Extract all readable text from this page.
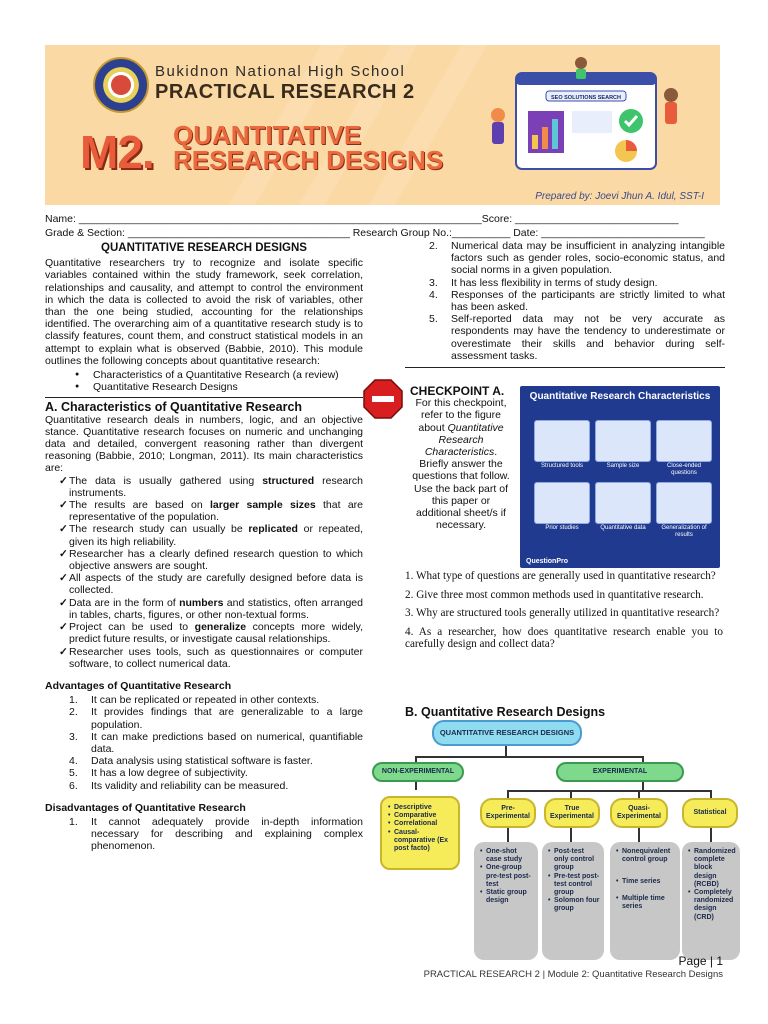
Bukidnon National High School
PRACTICAL RESEARCH 2
M2. QUANTITATIVE
RESEARCH DESIGNS
SEO SOLUTIONS SEARCH
Prepared by: Joevi Jhun A. Idul, SST-I
Name: _____________________________________________________________________Score: ____________________________
Grade & Section: ______________________________________ Research Group No.:__________ Date: ____________________________
QUANTITATIVE RESEARCH DESIGNS

Quantitative researchers try to recognize and isolate specific variables contained within the study framework, seek correlation, relationships and causality, and attempt to control the environment in which the data is collected to avoid the risk of variables, other than the one being studied, accounting for the relationships identified. The overarching aim of a quantitative research study is to classify features, count them, and construct statistical models in an attempt to explain what is observed (Babbie, 2010). This module outlines the following concepts about quantitative research:

● Characteristics of a Quantitative Research (a review)
● Quantitative Research Designs
A. Characteristics of Quantitative Research

Quantitative research deals in numbers, logic, and an objective stance. Quantitative research focuses on numeric and unchanging data and detailed, convergent reasoning rather than divergent reasoning (Babbie, 2010; Longman, 2011). Its main characteristics are:

✓ The data is usually gathered using structured research instruments.
✓ The results are based on larger sample sizes that are representative of the population.
✓ The research study can usually be replicated or repeated, given its high reliability.
✓ Researcher has a clearly defined research question to which objective answers are sought.
✓ All aspects of the study are carefully designed before data is collected.
✓ Data are in the form of numbers and statistics, often arranged in tables, charts, figures, or other non-textual forms.
✓ Project can be used to generalize concepts more widely, predict future results, or investigate causal relationships.
✓ Researcher uses tools, such as questionnaires or computer software, to collect numerical data.
Advantages of Quantitative Research
1. It can be replicated or repeated in other contexts.
2. It provides findings that are generalizable to a large population.
3. It can make predictions based on numerical, quantifiable data.
4. Data analysis using statistical software is faster.
5. It has a low degree of subjectivity.
6. Its validity and reliability can be measured.
Disadvantages of Quantitative Research
1. It cannot adequately provide in-depth information necessary for describing and explaining complex phenomenon.
2. Numerical data may be insufficient in analyzing intangible factors such as gender roles, socio-economic status, and social norms in a given population.
3. It has less flexibility in terms of study design.
4. Responses of the participants are strictly limited to what has been asked.
5. Self-reported data may not be very accurate as respondents may have the tendency to underestimate or overestimate their skills and behavior during self-assessment tasks.
CHECKPOINT A.
For this checkpoint, refer to the figure about Quantitative Research Characteristics. Briefly answer the questions that follow. Use the back part of this paper or additional sheet/s if necessary.
Quantitative Research Characteristics
Structured tools	Sample size	Close-ended questions
Prior studies	Quantitative data	Generalization of results
QuestionPro

1. What type of questions are generally used in quantitative research?

2. Give three most common methods used in quantitative research.

3. Why are structured tools generally utilized in quantitative research?

4. As a researcher, how does quantitative research enable you to carefully design and collect data?

B. Quantitative Research Designs
QUANTITATIVE RESEARCH DESIGNS
NON-EXPERIMENTAL	EXPERIMENTAL
• Descriptive
• Comparative
• Correlational
• Causal-comparative (Ex post facto)
Pre-Experimental
True Experimental
Quasi-Experimental
Statistical
• One-shot case study
• One-group pre-test post-test
• Static group design
• Post-test only control group
• Pre-test post-test control group
• Solomon four group
• Nonequivalent control group
• Time series
• Multiple time series
• Randomized complete block design (RCBD)
• Completely randomized design (CRD)
Page | 1
PRACTICAL RESEARCH 2 | Module 2: Quantitative Research Designs
